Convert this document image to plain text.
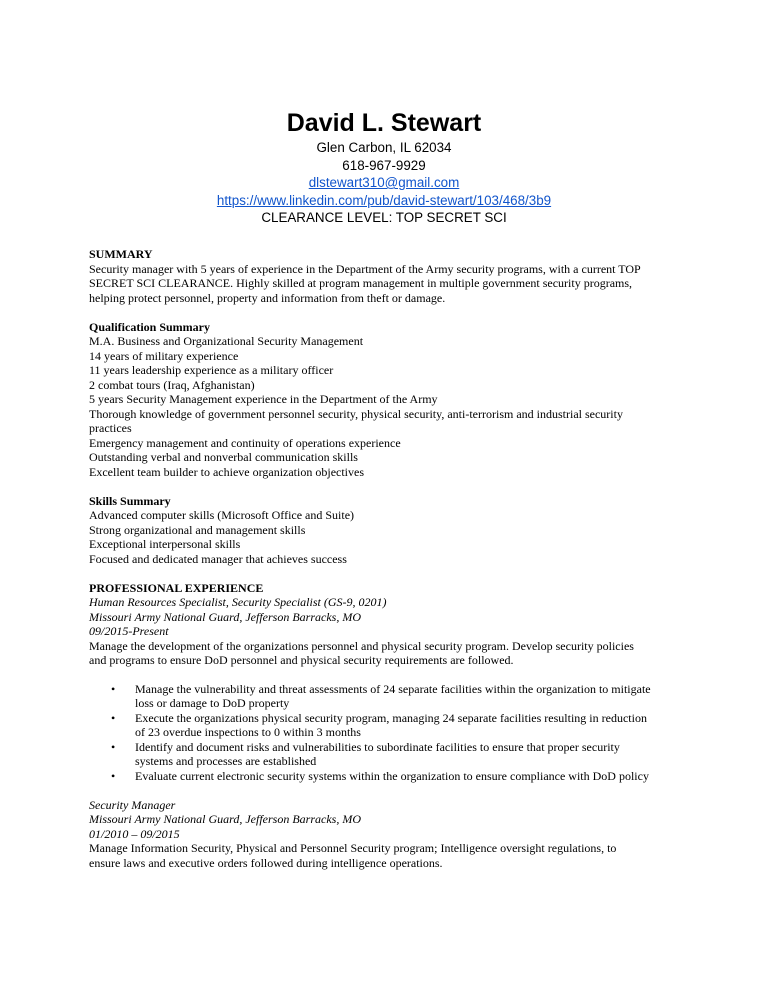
David L. Stewart
Glen Carbon, IL 62034
618-967-9929
dlstewart310@gmail.com
https://www.linkedin.com/pub/david-stewart/103/468/3b9
CLEARANCE LEVEL: TOP SECRET SCI
SUMMARY
Security manager with 5 years of experience in the Department of the Army security programs, with a current TOP
SECRET SCI CLEARANCE. Highly skilled at program management in multiple government security programs,
helping protect personnel, property and information from theft or damage.
Qualification Summary
M.A. Business and Organizational Security Management
14 years of military experience
11 years leadership experience as a military officer
2 combat tours (Iraq, Afghanistan)
5 years Security Management experience in the Department of the Army
Thorough knowledge of government personnel security, physical security, anti-terrorism and industrial security
practices
Emergency management and continuity of operations experience
Outstanding verbal and nonverbal communication skills
Excellent team builder to achieve organization objectives
Skills Summary
Advanced computer skills (Microsoft Office and Suite)
Strong organizational and management skills
Exceptional interpersonal skills
Focused and dedicated manager that achieves success
PROFESSIONAL EXPERIENCE
Human Resources Specialist, Security Specialist (GS-9, 0201)
Missouri Army National Guard, Jefferson Barracks, MO
09/2015-Present
Manage the development of the organizations personnel and physical security program. Develop security policies
and programs to ensure DoD personnel and physical security requirements are followed.
• Manage the vulnerability and threat assessments of 24 separate facilities within the organization to mitigate
loss or damage to DoD property
• Execute the organizations physical security program, managing 24 separate facilities resulting in reduction
of 23 overdue inspections to 0 within 3 months
• Identify and document risks and vulnerabilities to subordinate facilities to ensure that proper security
systems and processes are established
• Evaluate current electronic security systems within the organization to ensure compliance with DoD policy
Security Manager
Missouri Army National Guard, Jefferson Barracks, MO
01/2010 – 09/2015
Manage Information Security, Physical and Personnel Security program; Intelligence oversight regulations, to
ensure laws and executive orders followed during intelligence operations.
